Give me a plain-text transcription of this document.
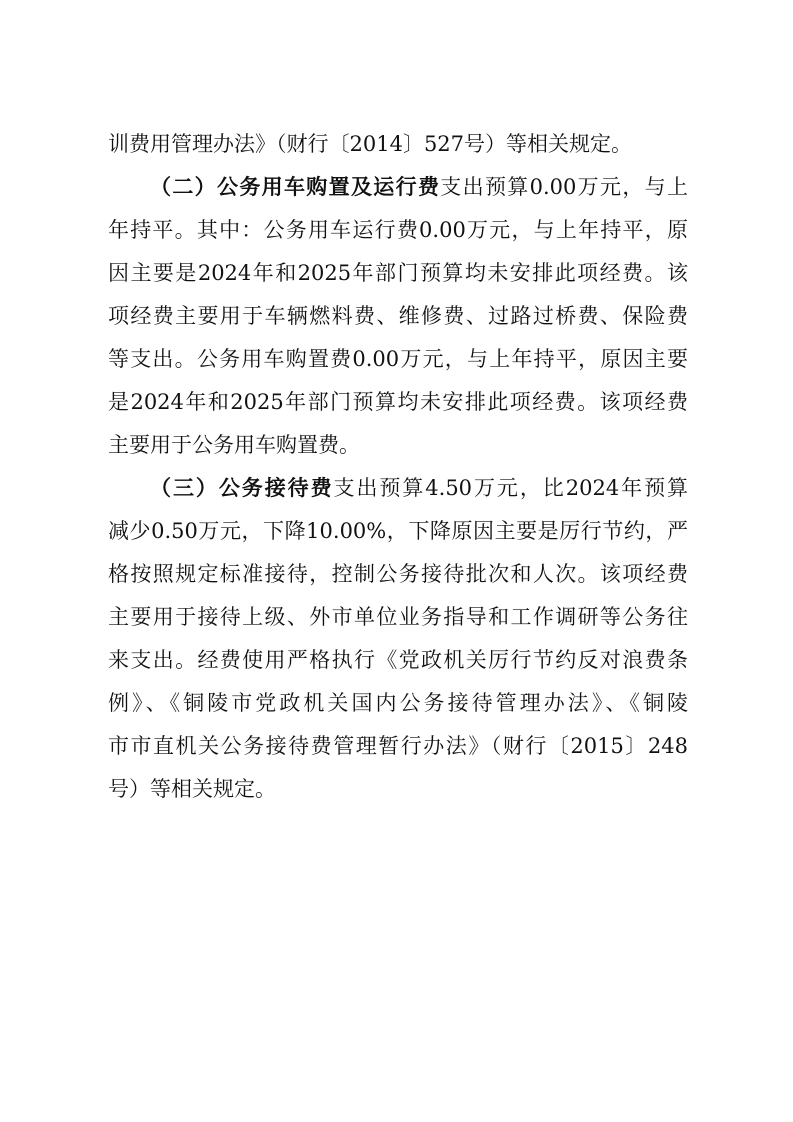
训费用管理办法》（财行〔2014〕527号）等相关规定。
（二）公务用车购置及运行费支出预算0.00万元，与上
年持平。其中：公务用车运行费0.00万元，与上年持平，原
因主要是2024年和2025年部门预算均未安排此项经费。该
项经费主要用于车辆燃料费、维修费、过路过桥费、保险费
等支出。公务用车购置费0.00万元，与上年持平，原因主要
是2024年和2025年部门预算均未安排此项经费。该项经费
主要用于公务用车购置费。
（三）公务接待费支出预算4.50万元，比2024年预算
减少0.50万元，下降10.00%，下降原因主要是厉行节约，严
格按照规定标准接待，控制公务接待批次和人次。该项经费
主要用于接待上级、外市单位业务指导和工作调研等公务往
来支出。经费使用严格执行《党政机关厉行节约反对浪费条
例》、《铜陵市党政机关国内公务接待管理办法》、《铜陵
市市直机关公务接待费管理暂行办法》（财行〔2015〕248
号）等相关规定。
